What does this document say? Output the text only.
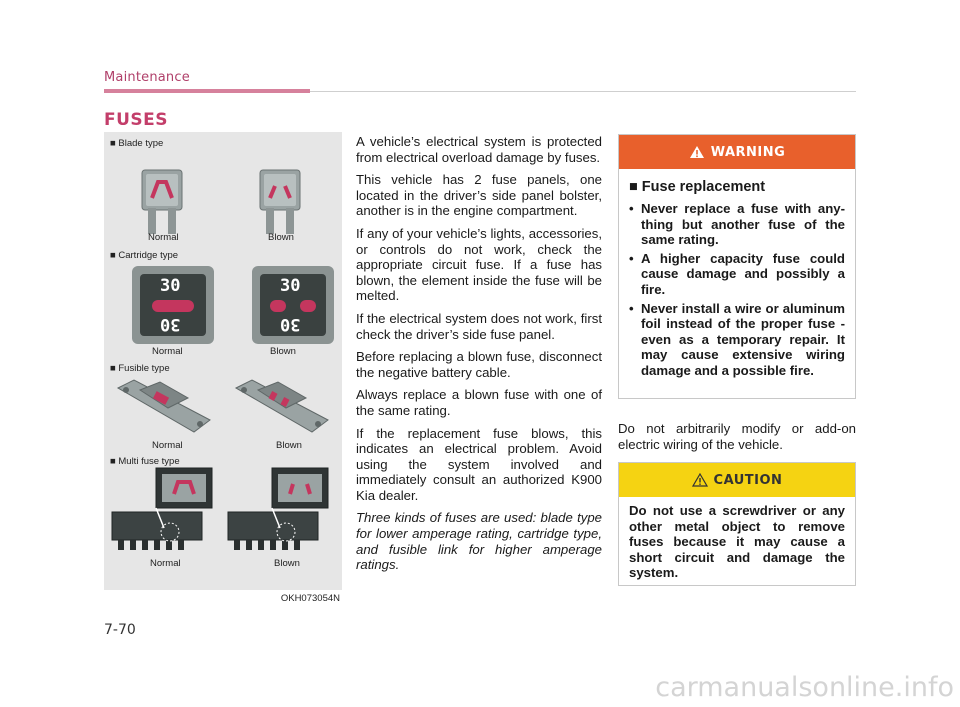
Maintenance
FUSES
■ Blade type
Normal	Blown
■ Cartridge type
30
30
30
30
Normal	Blown
■ Fusible type
Normal	Blown
■ Multi fuse type
Normal	Blown
OKH073054N

A vehicle’s electrical system is protected from electrical overload damage by fuses.

This vehicle has 2 fuse panels, one located in the driver’s side panel bolster, another is in the engine compartment.

If any of your vehicle’s lights, accessories, or controls do not work, check the appropriate circuit fuse. If a fuse has blown, the element inside the fuse will be melted.

If the electrical system does not work, first check the driver’s side fuse panel.

Before replacing a blown fuse, disconnect the negative battery cable.

Always replace a blown fuse with one of the same rating.

If the replacement fuse blows, this indicates an electrical problem. Avoid using the system involved and immediately consult an authorized K900 Kia dealer.

Three kinds of fuses are used: blade type for lower amperage rating, cartridge type, and fusible link for higher amperage ratings.

WARNING
■ Fuse replacement
• Never replace a fuse with any-thing but another fuse of the same rating.
• A higher capacity fuse could cause damage and possibly a fire.
• Never install a wire or aluminum foil instead of the proper fuse - even as a temporary repair. It may cause extensive wiring damage and a possible fire.
Do not arbitrarily modify or add-on electric wiring of the vehicle.
CAUTION
Do not use a screwdriver or any other metal object to remove fuses because it may cause a short circuit and damage the system.
7-70
carmanualsonline.info
